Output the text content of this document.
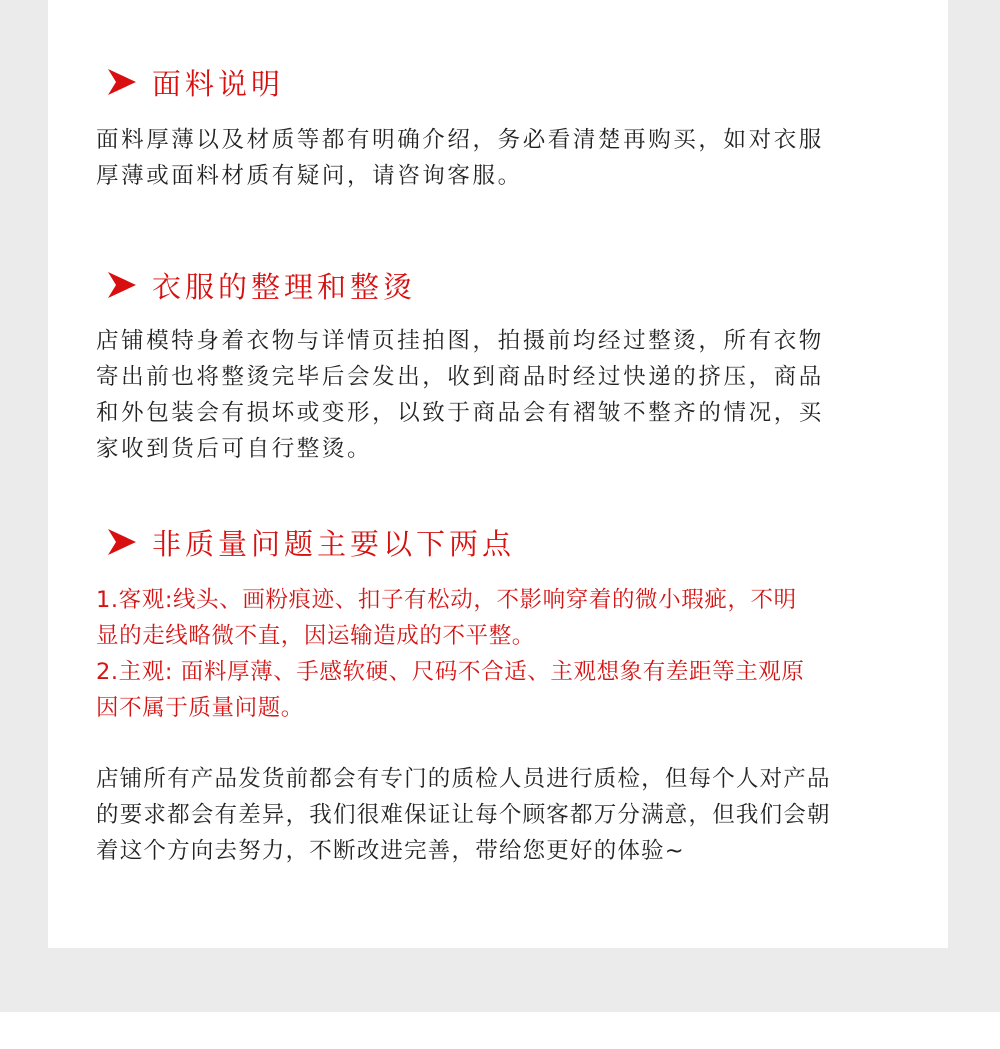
面料说明

面料厚薄以及材质等都有明确介绍，务必看清楚再购买，如对衣服
厚薄或面料材质有疑问，请咨询客服。

衣服的整理和整烫

店铺模特身着衣物与详情页挂拍图，拍摄前均经过整烫，所有衣物
寄出前也将整烫完毕后会发出，收到商品时经过快递的挤压，商品
和外包装会有损坏或变形，以致于商品会有褶皱不整齐的情况，买
家收到货后可自行整烫。

非质量问题主要以下两点

1.客观:线头、画粉痕迹、扣子有松动，不影响穿着的微小瑕疵，不明
显的走线略微不直，因运输造成的不平整。
2.主观: 面料厚薄、手感软硬、尺码不合适、主观想象有差距等主观原
因不属于质量问题。

店铺所有产品发货前都会有专门的质检人员进行质检，但每个人对产品
的要求都会有差异，我们很难保证让每个顾客都万分满意，但我们会朝
着这个方向去努力，不断改进完善，带给您更好的体验~
